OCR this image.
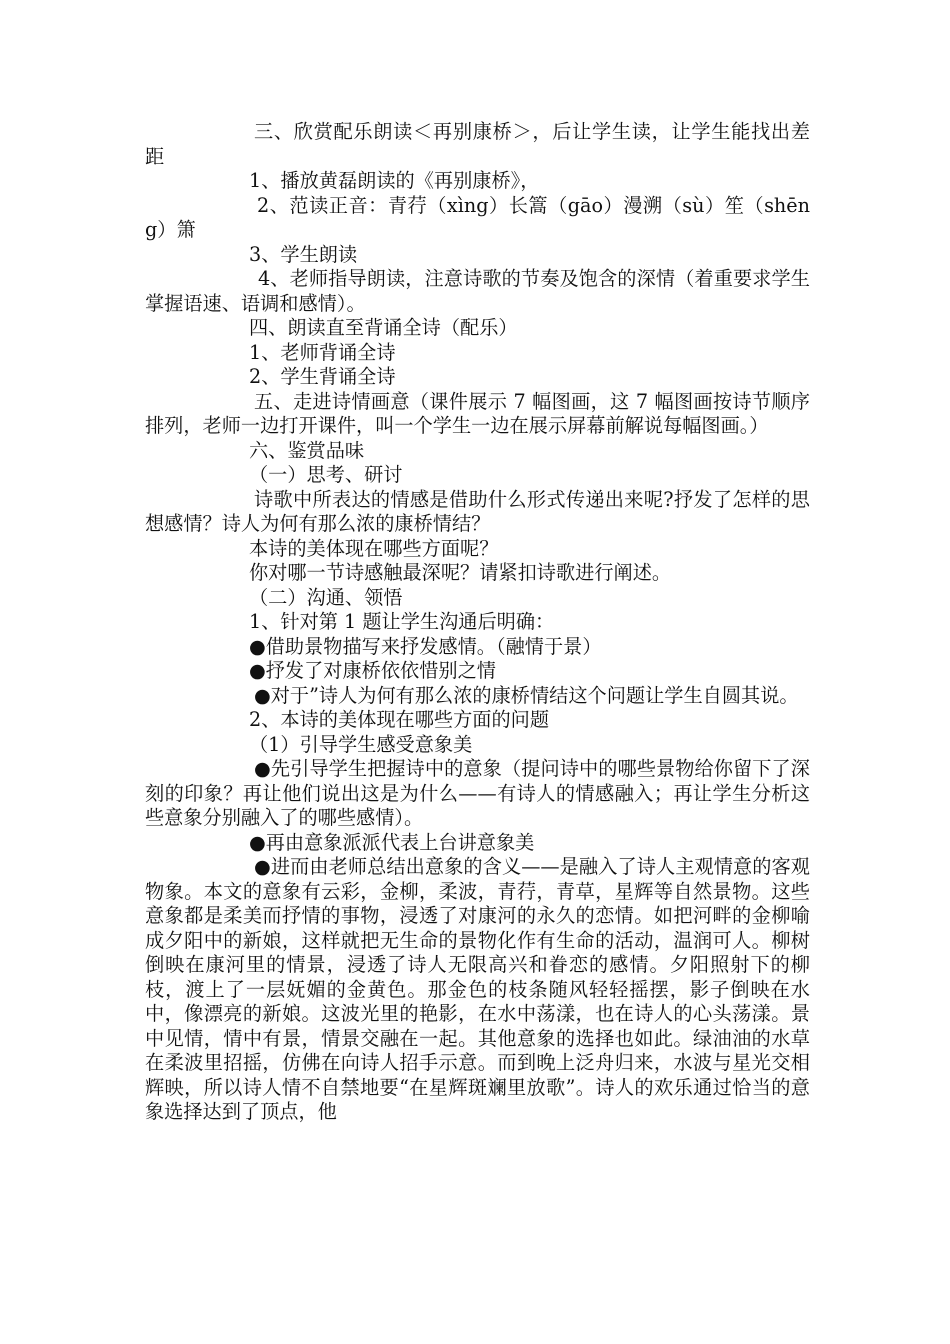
三、欣赏配乐朗读＜再别康桥＞，后让学生读，让学生能找出差距

1、播放黄磊朗读的《再别康桥》，

2、范读正音：青荇（xìng）长篙（gāo）漫溯（sù）笙（shēng）箫

3、学生朗读

4、老师指导朗读，注意诗歌的节奏及饱含的深情（着重要求学生掌握语速、语调和感情）。

四、朗读直至背诵全诗（配乐）

1、老师背诵全诗

2、学生背诵全诗

五、走进诗情画意（课件展示 7 幅图画，这 7 幅图画按诗节顺序排列，老师一边打开课件，叫一个学生一边在展示屏幕前解说每幅图画。）

六、鉴赏品味

（一）思考、研讨

诗歌中所表达的情感是借助什么形式传递出来呢?抒发了怎样的思想感情？诗人为何有那么浓的康桥情结？

本诗的美体现在哪些方面呢？

你对哪一节诗感触最深呢？请紧扣诗歌进行阐述。

（二）沟通、领悟

1、针对第 1 题让学生沟通后明确：

●借助景物描写来抒发感情。（融情于景）

●抒发了对康桥依依惜别之情

●对于”诗人为何有那么浓的康桥情结这个问题让学生自圆其说。

2、本诗的美体现在哪些方面的问题

（1）引导学生感受意象美

●先引导学生把握诗中的意象（提问诗中的哪些景物给你留下了深刻的印象？再让他们说出这是为什么——有诗人的情感融入；再让学生分析这些意象分别融入了的哪些感情）。

●再由意象派派代表上台讲意象美

●进而由老师总结出意象的含义——是融入了诗人主观情意的客观物象。本文的意象有云彩，金柳，柔波，青荇，青草，星辉等自然景物。这些意象都是柔美而抒情的事物，浸透了对康河的永久的恋情。如把河畔的金柳喻成夕阳中的新娘，这样就把无生命的景物化作有生命的活动，温润可人。柳树倒映在康河里的情景，浸透了诗人无限高兴和眷恋的感情。夕阳照射下的柳枝，渡上了一层妩媚的金黄色。那金色的枝条随风轻轻摇摆，影子倒映在水中，像漂亮的新娘。这波光里的艳影，在水中荡漾，也在诗人的心头荡漾。景中见情，情中有景，情景交融在一起。其他意象的选择也如此。绿油油的水草在柔波里招摇，仿佛在向诗人招手示意。而到晚上泛舟归来，水波与星光交相辉映，所以诗人情不自禁地要“在星辉斑斓里放歌”。诗人的欢乐通过恰当的意象选择达到了顶点，他
